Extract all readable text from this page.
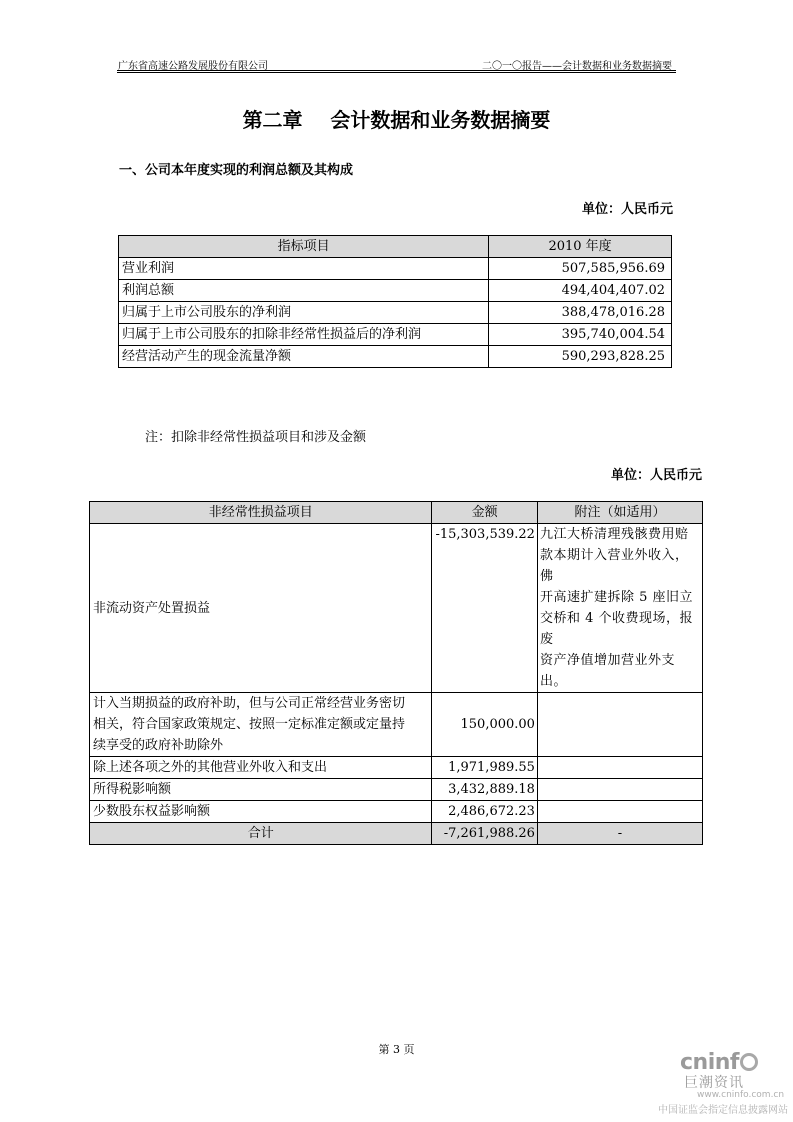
广东省高速公路发展股份有限公司	二〇一〇报告——会计数据和业务数据摘要
第二章    会计数据和业务数据摘要
一、公司本年度实现的利润总额及其构成
单位：人民币元
指标项目	2010 年度
营业利润	507,585,956.69
利润总额	494,404,407.02
归属于上市公司股东的净利润	388,478,016.28
归属于上市公司股东的扣除非经常性损益后的净利润	395,740,004.54
经营活动产生的现金流量净额	590,293,828.25
注：扣除非经常性损益项目和涉及金额
单位：人民币元
非经常性损益项目	金额	附注（如适用）
非流动资产处置损益	-15,303,539.22	九江大桥清理残骸费用赔
款本期计入营业外收入，佛
开高速扩建拆除 5 座旧立
交桥和 4 个收费现场，报废
资产净值增加营业外支出。

计入当期损益的政府补助，但与公司正常经营业务密切
相关，符合国家政策规定、按照一定标准定额或定量持
续享受的政府补助除外	150,000.00	
除上述各项之外的其他营业外收入和支出	1,971,989.55	
所得税影响额	3,432,889.18	
少数股东权益影响额	2,486,672.23	
合计	-7,261,988.26	-
第 3 页
cninf
巨潮资讯
www.cninfo.com.cn
中国证监会指定信息披露网站
